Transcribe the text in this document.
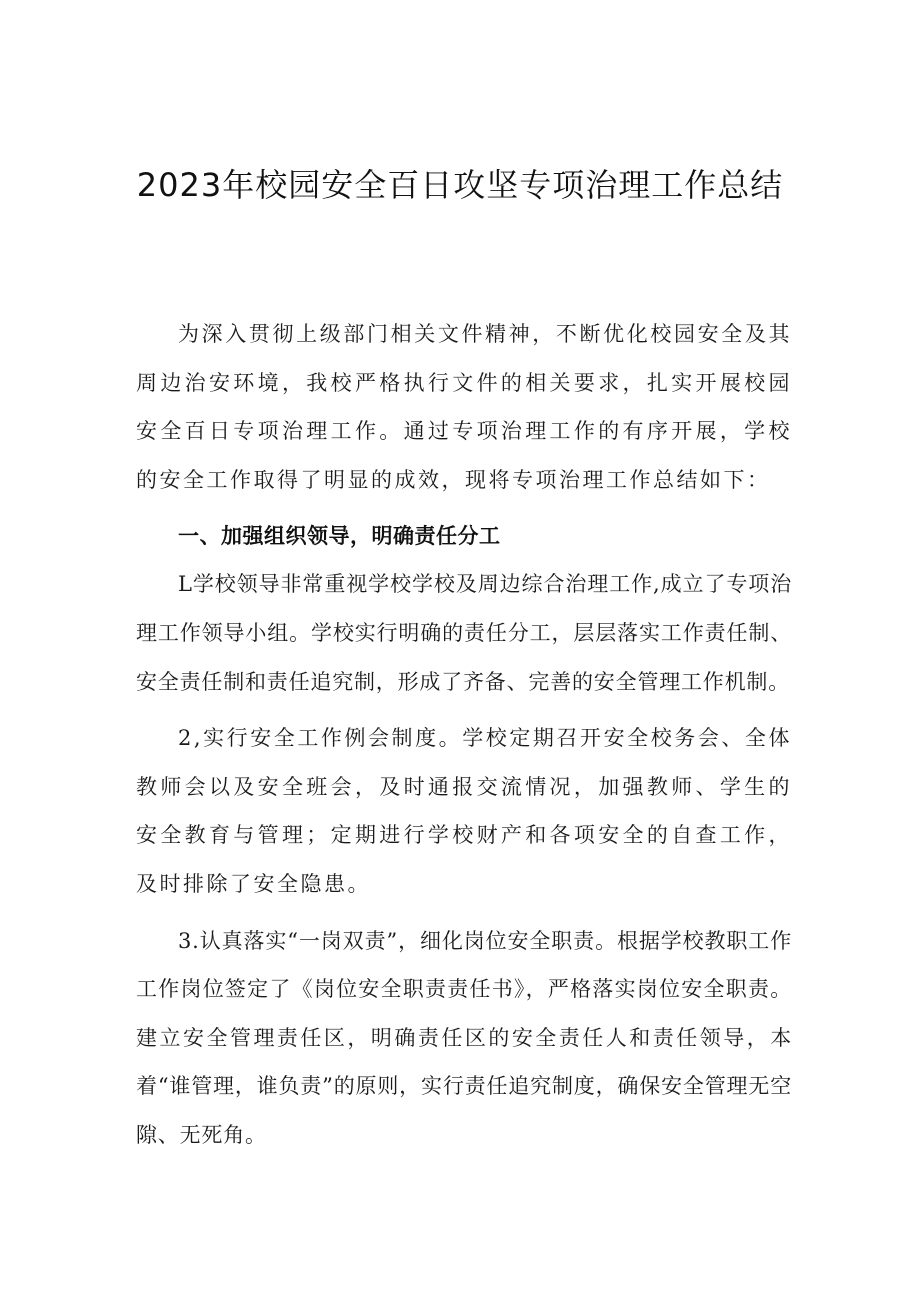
2023年校园安全百日攻坚专项治理工作总结

为深入贯彻上级部门相关文件精神，不断优化校园安全及其周边治安环境，我校严格执行文件的相关要求，扎实开展校园安全百日专项治理工作。通过专项治理工作的有序开展，学校的安全工作取得了明显的成效，现将专项治理工作总结如下：

一、加强组织领导，明确责任分工

L学校领导非常重视学校学校及周边综合治理工作,成立了专项治理工作领导小组。学校实行明确的责任分工，层层落实工作责任制、安全责任制和责任追究制，形成了齐备、完善的安全管理工作机制。

2,实行安全工作例会制度。学校定期召开安全校务会、全体教师会以及安全班会，及时通报交流情况，加强教师、学生的安全教育与管理；定期进行学校财产和各项安全的自查工作，及时排除了安全隐患。

3.认真落实“一岗双责”，细化岗位安全职责。根据学校教职工作工作岗位签定了《岗位安全职责责任书》，严格落实岗位安全职责。建立安全管理责任区，明确责任区的安全责任人和责任领导，本着“谁管理，谁负责”的原则，实行责任追究制度，确保安全管理无空隙、无死角。
